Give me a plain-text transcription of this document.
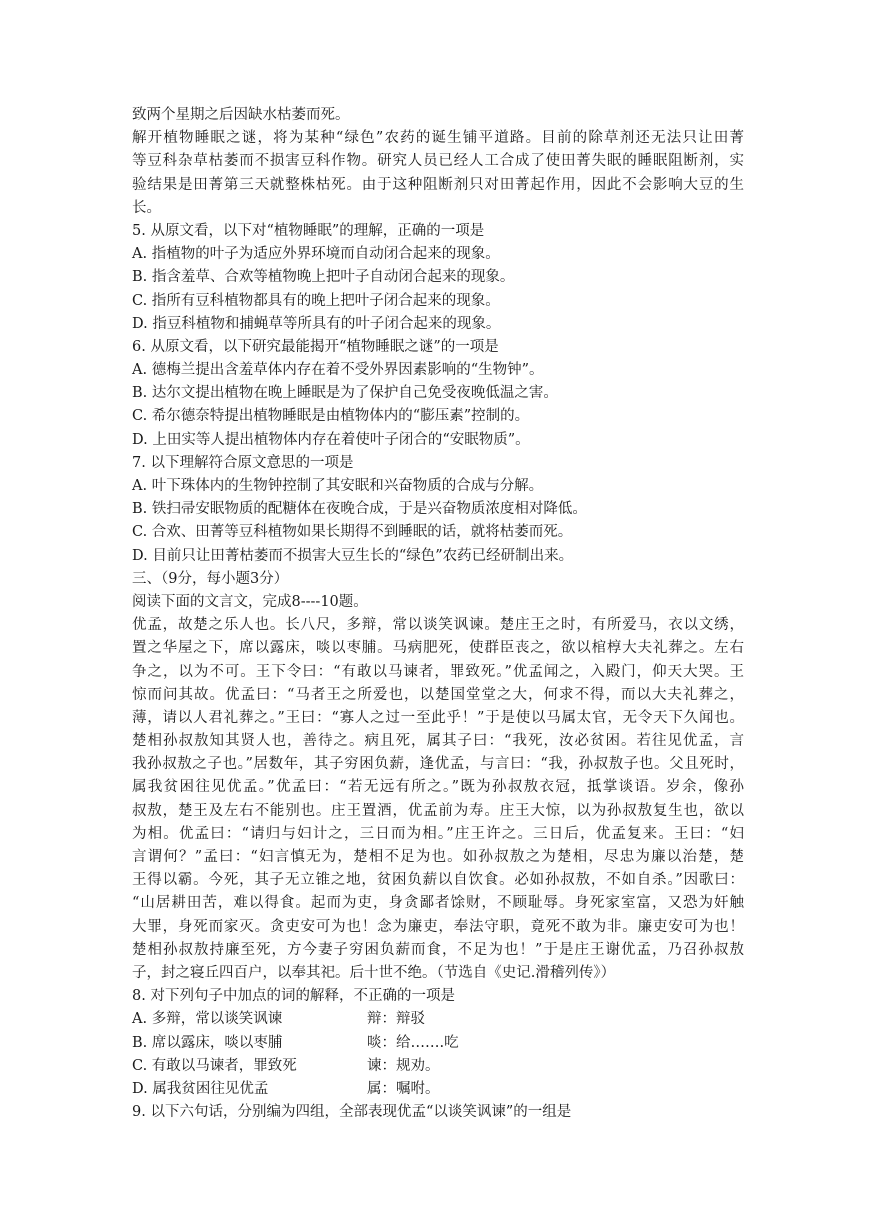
致两个星期之后因缺水枯萎而死。
解开植物睡眠之谜，将为某种“绿色”农药的诞生铺平道路。目前的除草剂还无法只让田菁
等豆科杂草枯萎而不损害豆科作物。研究人员已经人工合成了使田菁失眠的睡眠阻断剂，实
验结果是田菁第三天就整株枯死。由于这种阻断剂只对田菁起作用，因此不会影响大豆的生
长。
5. 从原文看，以下对“植物睡眠”的理解，正确的一项是
A. 指植物的叶子为适应外界环境而自动闭合起来的现象。
B. 指含羞草、合欢等植物晚上把叶子自动闭合起来的现象。
C. 指所有豆科植物都具有的晚上把叶子闭合起来的现象。
D. 指豆科植物和捕蝇草等所具有的叶子闭合起来的现象。
6. 从原文看，以下研究最能揭开“植物睡眠之谜”的一项是
A. 德梅兰提出含羞草体内存在着不受外界因素影响的“生物钟”。
B. 达尔文提出植物在晚上睡眠是为了保护自己免受夜晚低温之害。
C. 希尔德奈特提出植物睡眠是由植物体内的“膨压素”控制的。
D. 上田实等人提出植物体内存在着使叶子闭合的“安眠物质”。
7. 以下理解符合原文意思的一项是
A. 叶下珠体内的生物钟控制了其安眠和兴奋物质的合成与分解。
B. 铁扫帚安眠物质的配糖体在夜晚合成，于是兴奋物质浓度相对降低。
C. 合欢、田菁等豆科植物如果长期得不到睡眠的话，就将枯萎而死。
D. 目前只让田菁枯萎而不损害大豆生长的“绿色”农药已经研制出来。
三、（9分，每小题3分）
阅读下面的文言文，完成8----10题。
优孟，故楚之乐人也。长八尺，多辩，常以谈笑讽谏。楚庄王之时，有所爱马，衣以文绣，
置之华屋之下，席以露床，啖以枣脯。马病肥死，使群臣丧之，欲以棺椁大夫礼葬之。左右
争之，以为不可。王下令曰：“有敢以马谏者，罪致死。”优孟闻之，入殿门，仰天大哭。王
惊而问其故。优孟曰：“马者王之所爱也，以楚国堂堂之大，何求不得，而以大夫礼葬之，
薄，请以人君礼葬之。”王曰：“寡人之过一至此乎！”于是使以马属太官，无令天下久闻也。
楚相孙叔敖知其贤人也，善待之。病且死，属其子曰：“我死，汝必贫困。若往见优孟，言
我孙叔敖之子也。”居数年，其子穷困负薪，逢优孟，与言曰：“我，孙叔敖子也。父且死时，
属我贫困往见优孟。”优孟曰：“若无远有所之。”既为孙叔敖衣冠，抵掌谈语。岁余，像孙
叔敖，楚王及左右不能别也。庄王置酒，优孟前为寿。庄王大惊，以为孙叔敖复生也，欲以
为相。优孟曰：“请归与妇计之，三日而为相。”庄王许之。三日后，优孟复来。王曰：“妇
言谓何？”孟曰：“妇言慎无为，楚相不足为也。如孙叔敖之为楚相，尽忠为廉以治楚，楚
王得以霸。今死，其子无立锥之地，贫困负薪以自饮食。必如孙叔敖，不如自杀。”因歌曰：
“山居耕田苦，难以得食。起而为吏，身贪鄙者馀财，不顾耻辱。身死家室富，又恐为奸触
大罪，身死而家灭。贪吏安可为也！念为廉吏，奉法守职，竟死不敢为非。廉吏安可为也！
楚相孙叔敖持廉至死，方今妻子穷困负薪而食，不足为也！”于是庄王谢优孟，乃召孙叔敖
子，封之寝丘四百户，以奉其祀。后十世不绝。（节选自《史记.滑稽列传》）
8. 对下列句子中加点的词的解释，不正确的一项是
A. 多辩，常以谈笑讽谏	辩：辩驳
B. 席以露床，啖以枣脯	啖：给…….吃
C. 有敢以马谏者，罪致死	谏：规劝。
D. 属我贫困往见优孟	属：嘱咐。
9. 以下六句话，分别编为四组，全部表现优孟“以谈笑讽谏”的一组是
